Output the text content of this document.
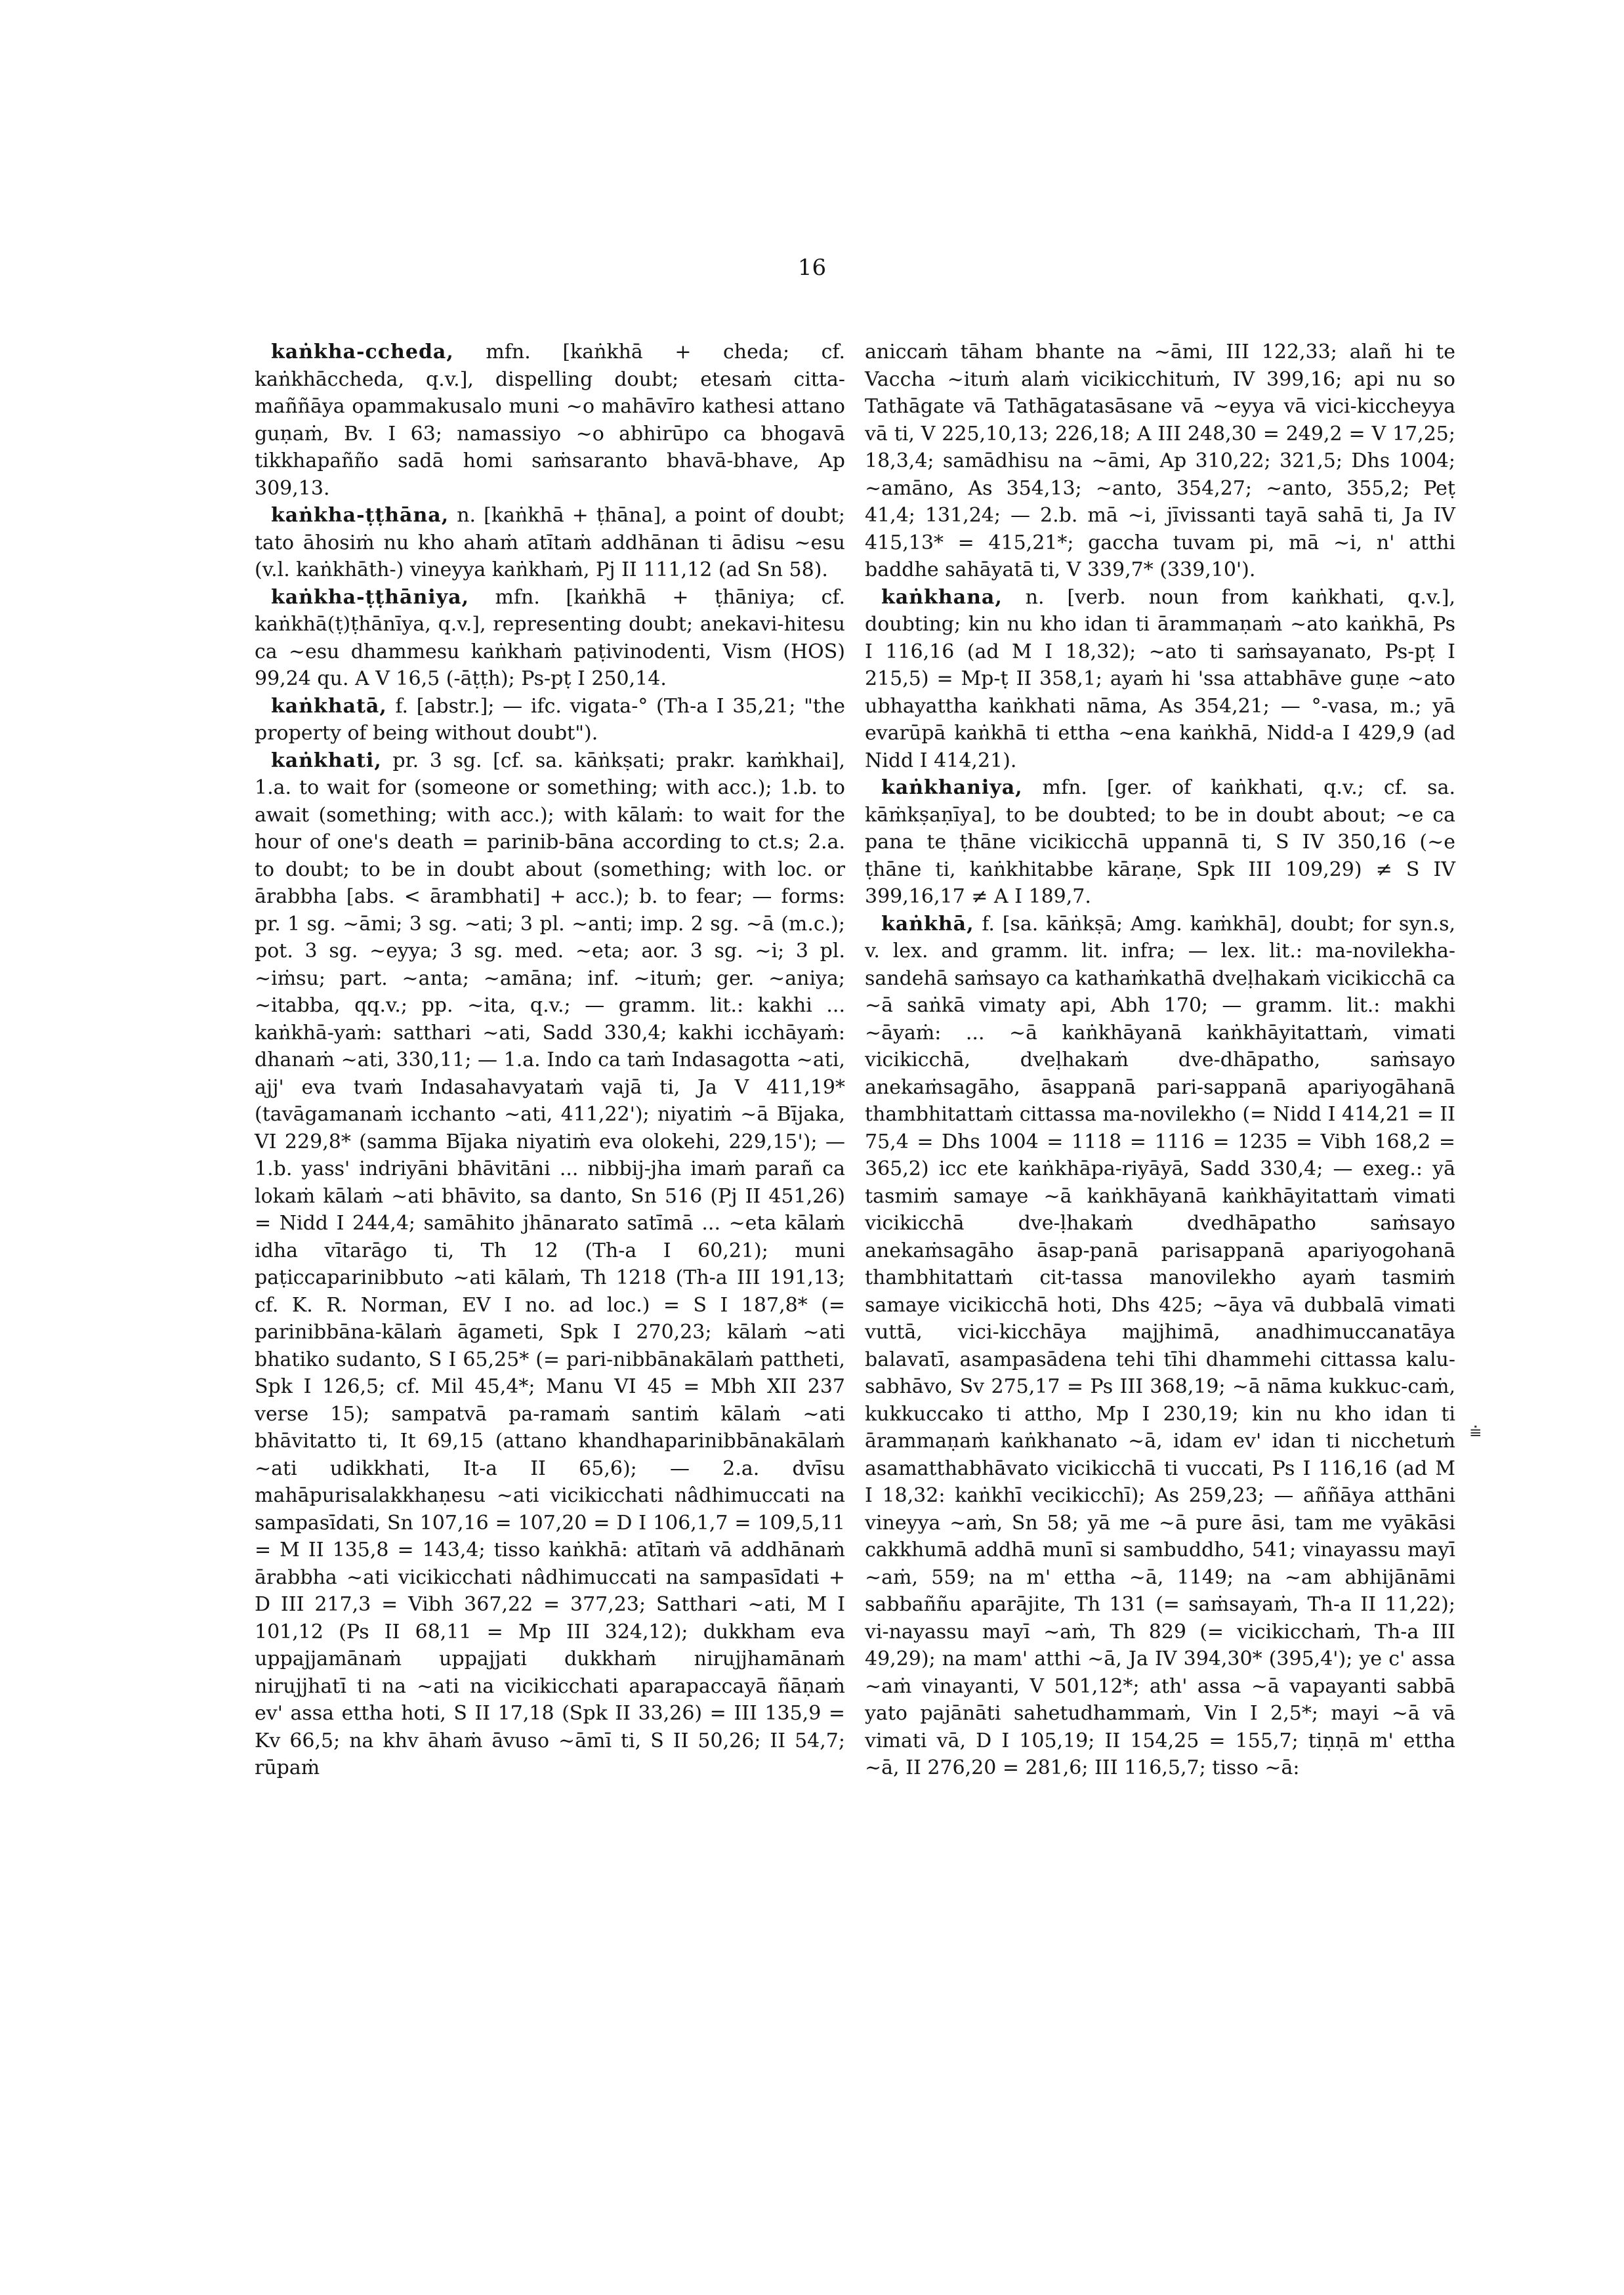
16

kaṅkha-ccheda, mfn. [kaṅkhā + cheda; cf. kaṅkhāccheda, q.v.], dispelling doubt; etesaṁ citta-maññāya opammakusalo muni ~o mahāvīro kathesi attano guṇaṁ, Bv. I 63; namassiyo ~o abhirūpo ca bhogavā tikkhapañño sadā homi saṁsaranto bhavā-bhave, Ap 309,13.

kaṅkha-ṭṭhāna, n. [kaṅkhā + ṭhāna], a point of doubt; tato āhosiṁ nu kho ahaṁ atītaṁ addhānan ti ādisu ~esu (v.l. kaṅkhāth-) vineyya kaṅkhaṁ, Pj II 111,12 (ad Sn 58).

kaṅkha-ṭṭhāniya, mfn. [kaṅkhā + ṭhāniya; cf. kaṅkhā(ṭ)ṭhānīya, q.v.], representing doubt; anekavi-hitesu ca ~esu dhammesu kaṅkhaṁ paṭivinodenti, Vism (HOS) 99,24 qu. A V 16,5 (-āṭṭh); Ps-pṭ I 250,14.

kaṅkhatā, f. [abstr.]; — ifc. vigata-° (Th-a I 35,21; "the property of being without doubt").

kaṅkhati, pr. 3 sg. [cf. sa. kāṅkṣati; prakr. kaṁkhai], 1.a. to wait for (someone or something; with acc.); 1.b. to await (something; with acc.); with kālaṁ: to wait for the hour of one's death = parinib-bāna according to ct.s; 2.a. to doubt; to be in doubt about (something; with loc. or ārabbha [abs. < ārambhati] + acc.); b. to fear; — forms: pr. 1 sg. ~āmi; 3 sg. ~ati; 3 pl. ~anti; imp. 2 sg. ~ā (m.c.); pot. 3 sg. ~eyya; 3 sg. med. ~eta; aor. 3 sg. ~i; 3 pl. ~iṁsu; part. ~anta; ~amāna; inf. ~ituṁ; ger. ~aniya; ~itabba, qq.v.; pp. ~ita, q.v.; — gramm. lit.: kakhi ... kaṅkhā-yaṁ: satthari ~ati, Sadd 330,4; kakhi icchāyaṁ: dhanaṁ ~ati, 330,11; — 1.a. Indo ca taṁ Indasagotta ~ati, ajj' eva tvaṁ Indasahavyataṁ vajā ti, Ja V 411,19* (tavāgamanaṁ icchanto ~ati, 411,22'); niyatiṁ ~ā Bījaka, VI 229,8* (samma Bījaka niyatiṁ eva olokehi, 229,15'); — 1.b. yass' indriyāni bhāvitāni ... nibbij-jha imaṁ parañ ca lokaṁ kālaṁ ~ati bhāvito, sa danto, Sn 516 (Pj II 451,26) = Nidd I 244,4; samāhito jhānarato satīmā ... ~eta kālaṁ idha vītarāgo ti, Th 12 (Th-a I 60,21); muni paṭiccaparinibbuto ~ati kālaṁ, Th 1218 (Th-a III 191,13; cf. K. R. Norman, EV I no. ad loc.) = S I 187,8* (= parinibbāna-kālaṁ āgameti, Spk I 270,23; kālaṁ ~ati bhatiko sudanto, S I 65,25* (= pari-nibbānakālaṁ pattheti, Spk I 126,5; cf. Mil 45,4*; Manu VI 45 = Mbh XII 237 verse 15); sampatvā pa-ramaṁ santiṁ kālaṁ ~ati bhāvitatto ti, It 69,15 (attano khandhaparinibbānakālaṁ ~ati udikkhati, It-a II 65,6); — 2.a. dvīsu mahāpurisalakkhaṇesu ~ati vicikicchati nâdhimuccati na sampasīdati, Sn 107,16 = 107,20 = D I 106,1,7 = 109,5,11 = M II 135,8 = 143,4; tisso kaṅkhā: atītaṁ vā addhānaṁ ārabbha ~ati vicikicchati nâdhimuccati na sampasīdati + D III 217,3 = Vibh 367,22 = 377,23; Satthari ~ati, M I 101,12 (Ps II 68,11 = Mp III 324,12); dukkham eva uppajjamānaṁ uppajjati dukkhaṁ nirujjhamānaṁ nirujjhatī ti na ~ati na vicikicchati aparapaccayā ñāṇaṁ ev' assa ettha hoti, S II 17,18 (Spk II 33,26) = III 135,9 = Kv 66,5; na khv āhaṁ āvuso ~āmī ti, S II 50,26; II 54,7; rūpaṁ

aniccaṁ tāham bhante na ~āmi, III 122,33; alañ hi te Vaccha ~ituṁ alaṁ vicikicchituṁ, IV 399,16; api nu so Tathāgate vā Tathāgatasāsane vā ~eyya vā vici-kiccheyya vā ti, V 225,10,13; 226,18; A III 248,30 = 249,2 = V 17,25; 18,3,4; samādhisu na ~āmi, Ap 310,22; 321,5; Dhs 1004; ~amāno, As 354,13; ~anto, 354,27; ~anto, 355,2; Peṭ 41,4; 131,24; — 2.b. mā ~i, jīvissanti tayā sahā ti, Ja IV 415,13* = 415,21*; gaccha tuvam pi, mā ~i, n' atthi baddhe sahāyatā ti, V 339,7* (339,10').

kaṅkhana, n. [verb. noun from kaṅkhati, q.v.], doubting; kin nu kho idan ti ārammaṇaṁ ~ato kaṅkhā, Ps I 116,16 (ad M I 18,32); ~ato ti saṁsayanato, Ps-pṭ I 215,5) = Mp-ṭ II 358,1; ayaṁ hi 'ssa attabhāve guṇe ~ato ubhayattha kaṅkhati nāma, As 354,21; — °-vasa, m.; yā evarūpā kaṅkhā ti ettha ~ena kaṅkhā, Nidd-a I 429,9 (ad Nidd I 414,21).

kaṅkhaniya, mfn. [ger. of kaṅkhati, q.v.; cf. sa. kāṁkṣaṇīya], to be doubted; to be in doubt about; ~e ca pana te ṭhāne vicikicchā uppannā ti, S IV 350,16 (~e ṭhāne ti, kaṅkhitabbe kāraṇe, Spk III 109,29) ≠ S IV 399,16,17 ≠ A I 189,7.

kaṅkhā, f. [sa. kāṅkṣā; Amg. kaṁkhā], doubt; for syn.s, v. lex. and gramm. lit. infra; — lex. lit.: ma-novilekha-sandehā saṁsayo ca kathaṁkathā dveḷhakaṁ vicikicchā ca ~ā saṅkā vimaty api, Abh 170; — gramm. lit.: makhi ~āyaṁ: ... ~ā kaṅkhāyanā kaṅkhāyitattaṁ, vimati vicikicchā, dveḷhakaṁ dve-dhāpatho, saṁsayo anekaṁsagāho, āsappanā pari-sappanā apariyogāhanā thambhitattaṁ cittassa ma-novilekho (= Nidd I 414,21 = II 75,4 = Dhs 1004 = 1118 = 1116 = 1235 = Vibh 168,2 = 365,2) icc ete kaṅkhāpa-riyāyā, Sadd 330,4; — exeg.: yā tasmiṁ samaye ~ā kaṅkhāyanā kaṅkhāyitattaṁ vimati vicikicchā dve-ḷhakaṁ dvedhāpatho saṁsayo anekaṁsagāho āsap-panā parisappanā apariyogohanā thambhitattaṁ cit-tassa manovilekho ayaṁ tasmiṁ samaye vicikicchā hoti, Dhs 425; ~āya vā dubbalā vimati vuttā, vici-kicchāya majjhimā, anadhimuccanatāya balavatī, asampasādena tehi tīhi dhammehi cittassa kalu-sabhāvo, Sv 275,17 = Ps III 368,19; ~ā nāma kukkuc-caṁ, kukkuccako ti attho, Mp I 230,19; kin nu kho idan ti ārammaṇaṁ kaṅkhanato ~ā, idam ev' idan ti nicchetuṁ asamatthabhāvato vicikicchā ti vuccati, Ps I 116,16 (ad M I 18,32: kaṅkhī vecikicchī); As 259,23; — aññāya atthāni vineyya ~aṁ, Sn 58; yā me ~ā pure āsi, tam me vyākāsi cakkhumā addhā munī si sambuddho, 541; vinayassu mayī ~aṁ, 559; na m' ettha ~ā, 1149; na ~am abhijānāmi sabbaññu aparājite, Th 131 (= saṁsayaṁ, Th-a II 11,22); vi-nayassu mayī ~aṁ, Th 829 (= vicikicchaṁ, Th-a III 49,29); na mam' atthi ~ā, Ja IV 394,30* (395,4'); ye c' assa ~aṁ vinayanti, V 501,12*; ath' assa ~ā vapayanti sabbā yato pajānāti sahetudhammaṁ, Vin I 2,5*; mayi ~ā vā vimati vā, D I 105,19; II 154,25 = 155,7; tiṇṇā m' ettha ~ā, II 276,20 = 281,6; III 116,5,7; tisso ~ā:

⩧
